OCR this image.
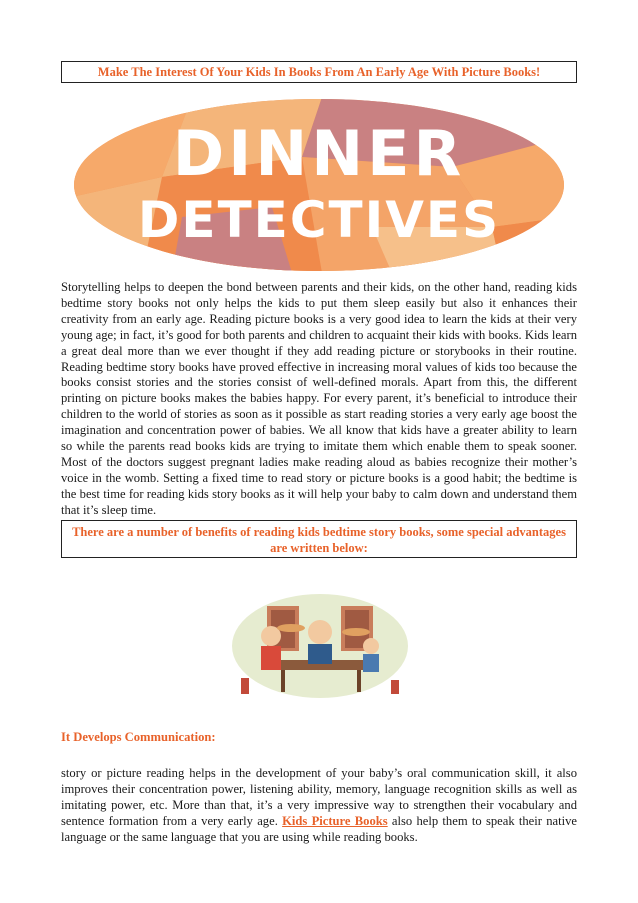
Make The Interest Of Your Kids In Books From An Early Age With Picture Books!
DINNER
DETECTIVES

Storytelling helps to deepen the bond between parents and their kids, on the other hand, reading kids bedtime story books not only helps the kids to put them sleep easily but also it enhances their creativity from an early age. Reading picture books is a very good idea to learn the kids at their very young age; in fact, it’s good for both parents and children to acquaint their kids with books. Kids learn a great deal more than we ever thought if they add reading picture or storybooks in their routine. Reading bedtime story books have proved effective in increasing moral values of kids too because the books consist stories and the stories consist of well-defined morals. Apart from this, the different printing on picture books makes the babies happy. For every parent, it’s beneficial to introduce their children to the world of stories as soon as it possible as start reading stories a very early age boost the imagination and concentration power of babies. We all know that kids have a greater ability to learn so while the parents read books kids are trying to imitate them which enable them to speak sooner. Most of the doctors suggest pregnant ladies make reading aloud as babies recognize their mother’s voice in the womb. Setting a fixed time to read story or picture books is a good habit; the bedtime is the best time for reading kids story books as it will help your baby to calm down and understand them that it’s sleep time.

There are a number of benefits of reading kids bedtime story books, some special advantages are written below:
It Develops Communication:

story or picture reading helps in the development of your baby’s oral communication skill, it also improves their concentration power, listening ability, memory, language recognition skills as well as imitating power, etc. More than that, it’s a very impressive way to strengthen their vocabulary and sentence formation from a very early age. Kids Picture Books also help them to speak their native language or the same language that you are using while reading books.
